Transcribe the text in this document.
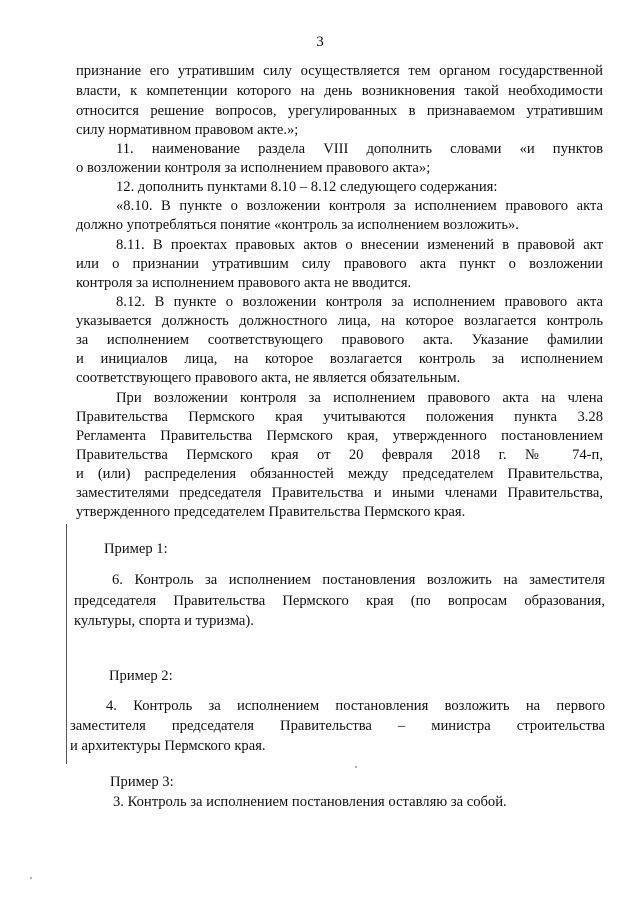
3
признание его утратившим силу осуществляется тем органом государственной
власти, к компетенции которого на день возникновения такой необходимости
относится решение вопросов, урегулированных в признаваемом утратившим
силу нормативном правовом акте.»;
11. наименование раздела VIII дополнить словами «и пунктов
о возложении контроля за исполнением правового акта»;
12. дополнить пунктами 8.10 – 8.12 следующего содержания:
«8.10. В пункте о возложении контроля за исполнением правового акта
должно употребляться понятие «контроль за исполнением возложить».
8.11. В проектах правовых актов о внесении изменений в правовой акт
или о признании утратившим силу правового акта пункт о возложении
контроля за исполнением правового акта не вводится.
8.12. В пункте о возложении контроля за исполнением правового акта
указывается должность должностного лица, на которое возлагается контроль
за исполнением соответствующего правового акта. Указание фамилии
и инициалов лица, на которое возлагается контроль за исполнением
соответствующего правового акта, не является обязательным.
При возложении контроля за исполнением правового акта на члена
Правительства Пермского края учитываются положения пункта 3.28
Регламента Правительства Пермского края, утвержденного постановлением
Правительства Пермского края от 20 февраля 2018 г. № 74-п,
и (или) распределения обязанностей между председателем Правительства,
заместителями председателя Правительства и иными членами Правительства,
утвержденного председателем Правительства Пермского края.
Пример 1:
6. Контроль за исполнением постановления возложить на заместителя
председателя Правительства Пермского края (по вопросам образования,
культуры, спорта и туризма).
Пример 2:
4. Контроль за исполнением постановления возложить на первого
заместителя председателя Правительства – министра строительства
и архитектуры Пермского края.
Пример 3:
3. Контроль за исполнением постановления оставляю за собой.
